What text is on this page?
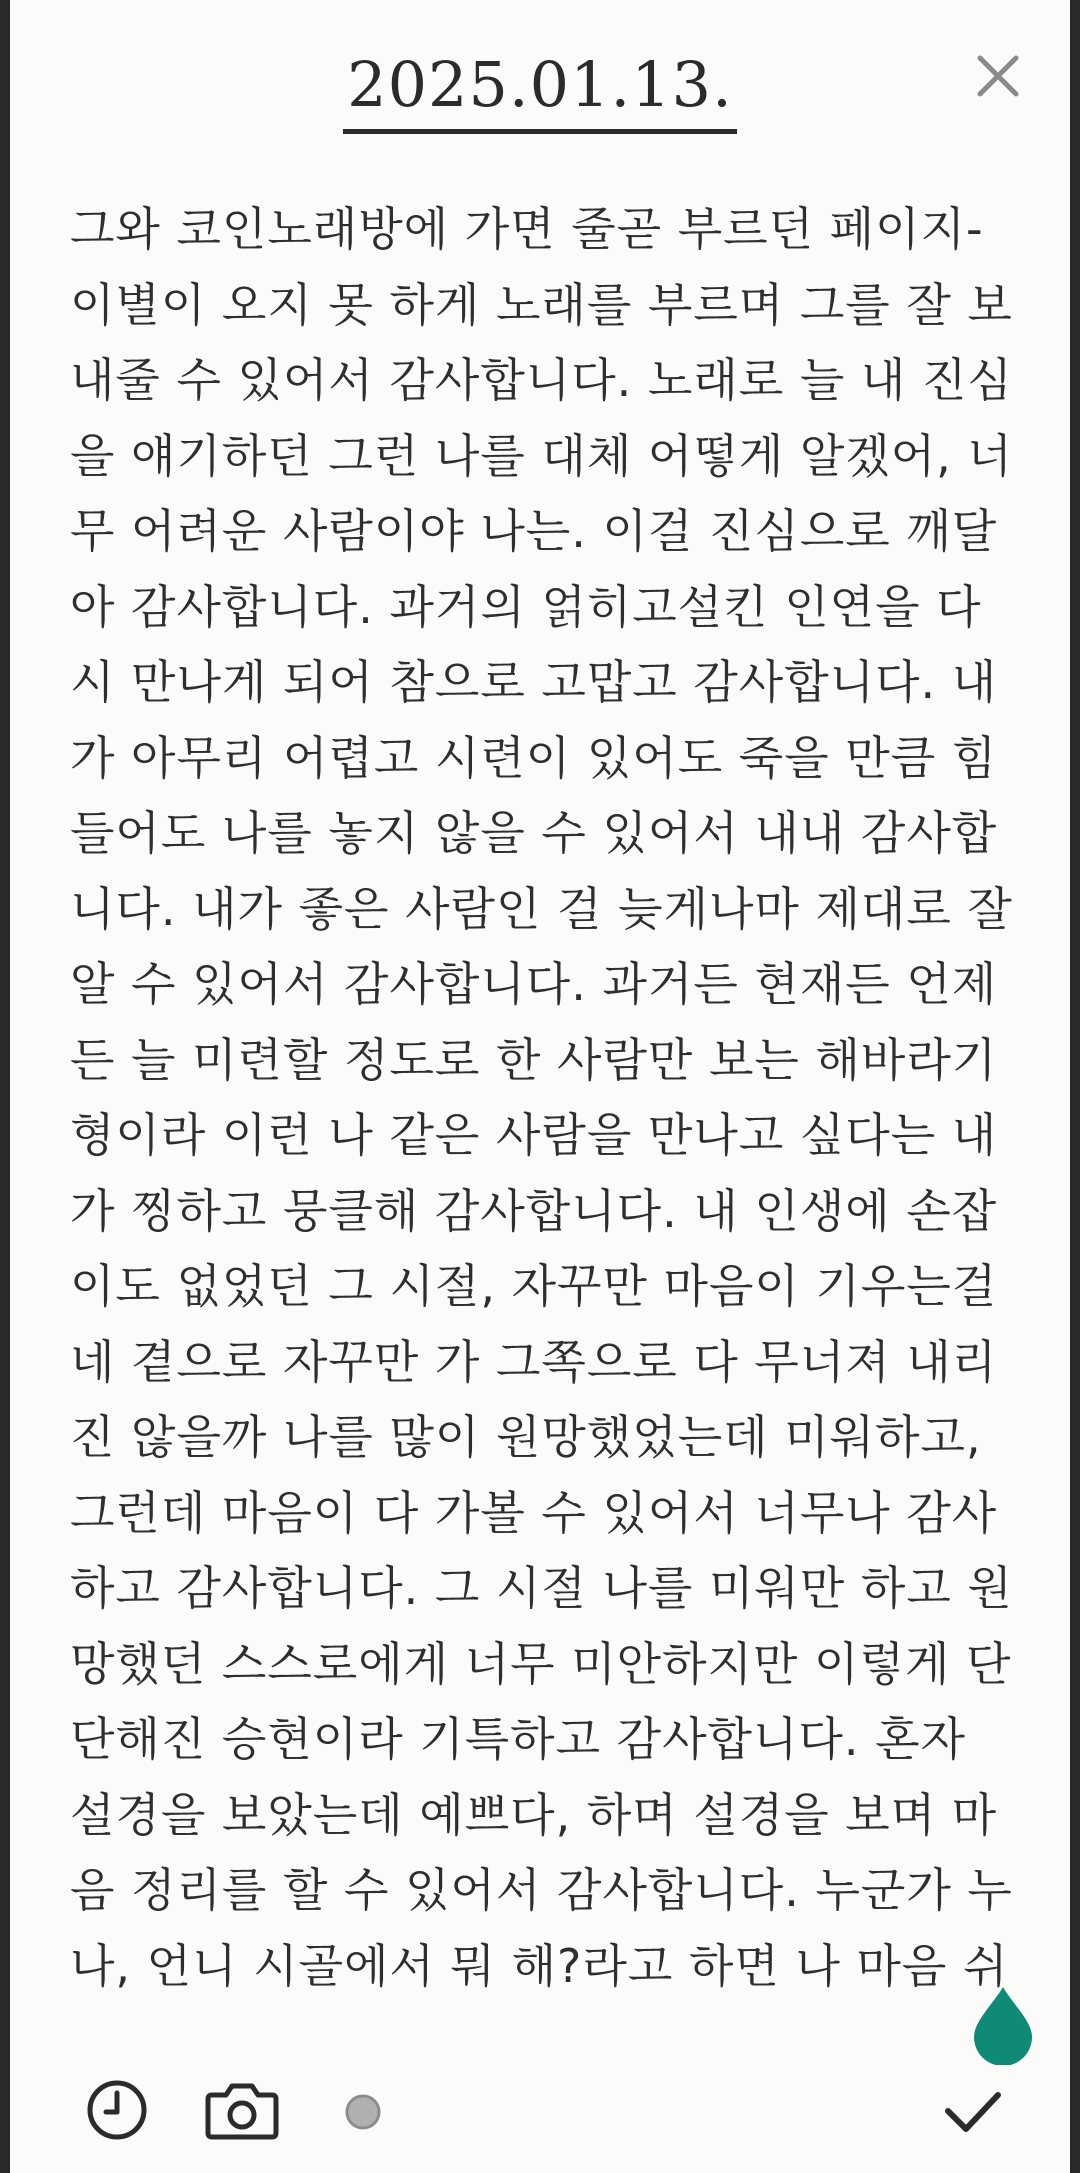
2025.01.13.
그와 코인노래방에 가면 줄곧 부르던 페이지-
이별이 오지 못 하게 노래를 부르며 그를 잘 보
내줄 수 있어서 감사합니다. 노래로 늘 내 진심
을 얘기하던 그런 나를 대체 어떻게 알겠어, 너
무 어려운 사람이야 나는. 이걸 진심으로 깨달
아 감사합니다. 과거의 얽히고설킨 인연을 다
시 만나게 되어 참으로 고맙고 감사합니다. 내
가 아무리 어렵고 시련이 있어도 죽을 만큼 힘
들어도 나를 놓지 않을 수 있어서 내내 감사합
니다. 내가 좋은 사람인 걸 늦게나마 제대로 잘
알 수 있어서 감사합니다. 과거든 현재든 언제
든 늘 미련할 정도로 한 사람만 보는 해바라기
형이라 이런 나 같은 사람을 만나고 싶다는 내
가 찡하고 뭉클해 감사합니다. 내 인생에 손잡
이도 없었던 그 시절, 자꾸만 마음이 기우는걸
네 곁으로 자꾸만 가 그쪽으로 다 무너져 내리
진 않을까 나를 많이 원망했었는데 미워하고,
그런데 마음이 다 가볼 수 있어서 너무나 감사
하고 감사합니다. 그 시절 나를 미워만 하고 원
망했던 스스로에게 너무 미안하지만 이렇게 단
단해진 승현이라 기특하고 감사합니다. 혼자
설경을 보았는데 예쁘다, 하며 설경을 보며 마
음 정리를 할 수 있어서 감사합니다. 누군가 누
나, 언니 시골에서 뭐 해?라고 하면 나 마음 쉬
